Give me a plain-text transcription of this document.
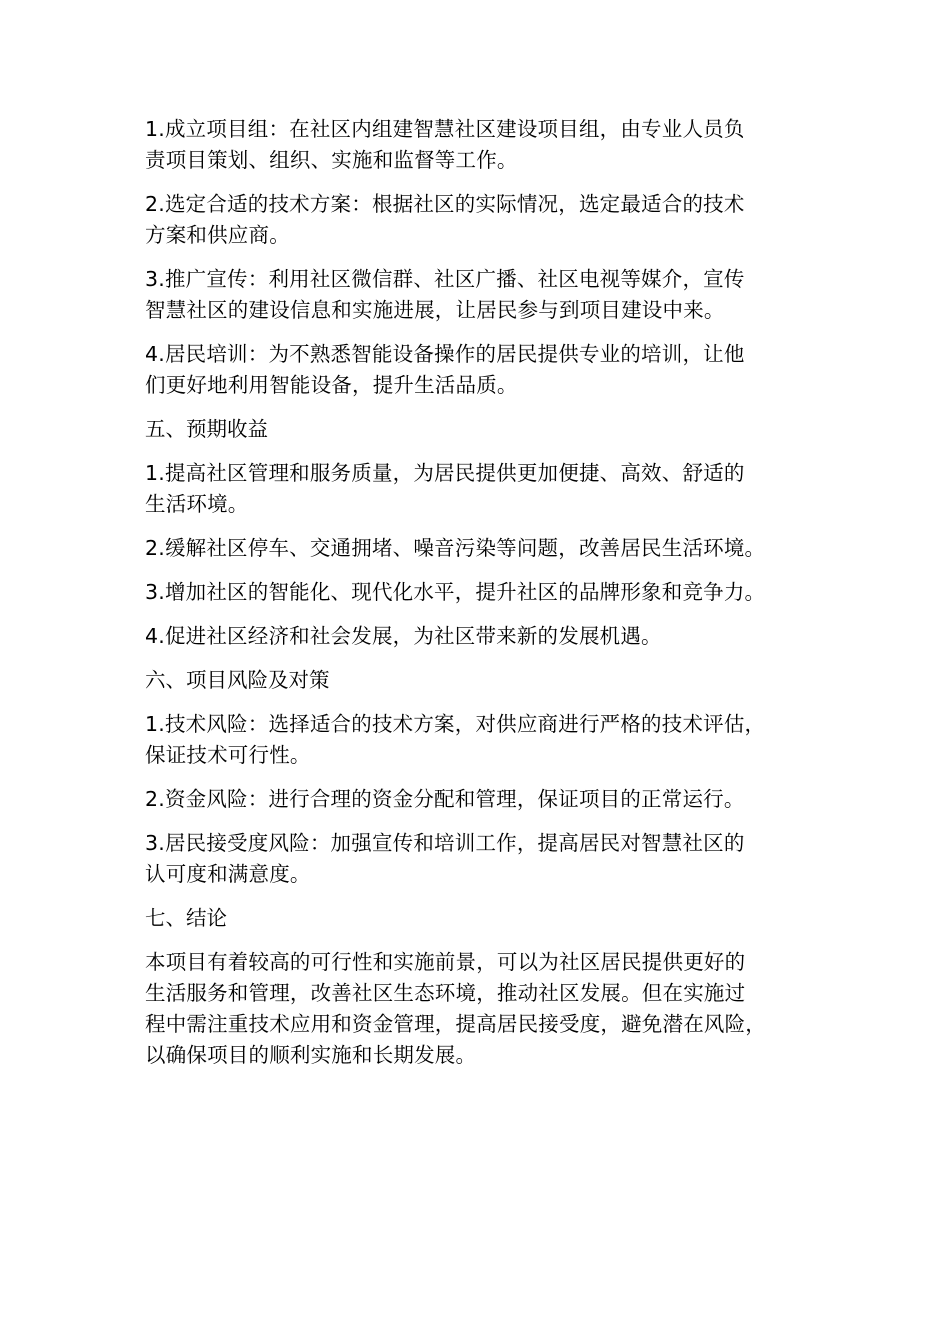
1.成立项目组：在社区内组建智慧社区建设项目组，由专业人员负
责项目策划、组织、实施和监督等工作。

2.选定合适的技术方案：根据社区的实际情况，选定最适合的技术
方案和供应商。

3.推广宣传：利用社区微信群、社区广播、社区电视等媒介，宣传
智慧社区的建设信息和实施进展，让居民参与到项目建设中来。

4.居民培训：为不熟悉智能设备操作的居民提供专业的培训，让他
们更好地利用智能设备，提升生活品质。

五、预期收益

1.提高社区管理和服务质量，为居民提供更加便捷、高效、舒适的
生活环境。

2.缓解社区停车、交通拥堵、噪音污染等问题，改善居民生活环境。

3.增加社区的智能化、现代化水平，提升社区的品牌形象和竞争力。

4.促进社区经济和社会发展，为社区带来新的发展机遇。

六、项目风险及对策

1.技术风险：选择适合的技术方案，对供应商进行严格的技术评估，
保证技术可行性。

2.资金风险：进行合理的资金分配和管理，保证项目的正常运行。

3.居民接受度风险：加强宣传和培训工作，提高居民对智慧社区的
认可度和满意度。

七、结论

本项目有着较高的可行性和实施前景，可以为社区居民提供更好的
生活服务和管理，改善社区生态环境，推动社区发展。但在实施过
程中需注重技术应用和资金管理，提高居民接受度，避免潜在风险，
以确保项目的顺利实施和长期发展。
